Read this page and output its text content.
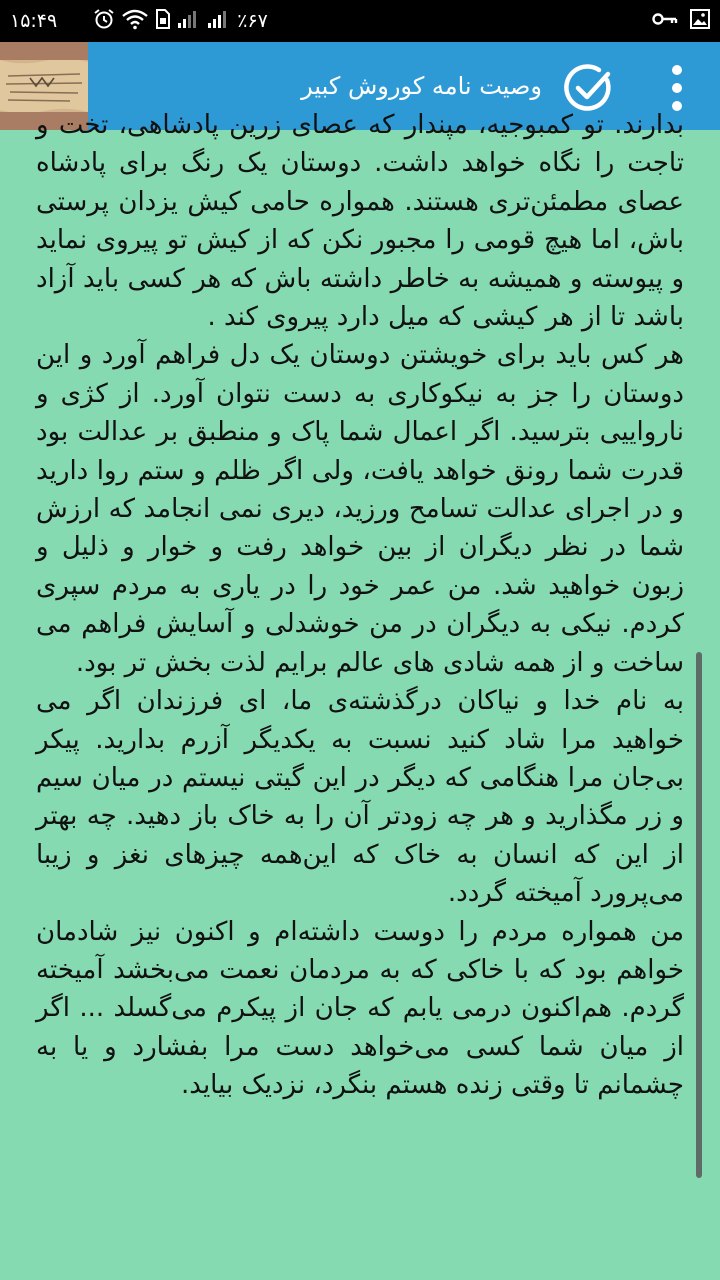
۱۵:۴۹	٪۶۷
وصیت نامه کوروش کبیر

بدارند. تو کمبوجیه، مپندار که عصای زرین پادشاهی، تخت و تاجت را نگاه خواهد داشت. دوستان یک رنگ برای پادشاه عصای مطمئن‌تری هستند. همواره حامی کیش یزدان پرستی باش، اما هیچ قومی را مجبور نکن که از کیش تو پیروی نماید و پیوسته و همیشه به خاطر داشته باش که هر کسی باید آزاد باشد تا از هر کیشی که میل دارد پیروی کند .

هر کس باید برای خویشتن دوستان یک دل فراهم آورد و این دوستان را جز به نیکوکاری به دست نتوان آورد. از کژی و نارواییی بترسید. اگر اعمال شما پاک و منطبق بر عدالت بود قدرت شما رونق خواهد یافت، ولی اگر ظلم و ستم روا دارید و در اجرای عدالت تسامح ورزید، دیری نمی انجامد که ارزش شما در نظر دیگران از بین خواهد رفت و خوار و ذلیل و زبون خواهید شد. من عمر خود را در یاری به مردم سپری کردم. نیکی به دیگران در من خوشدلی و آسایش فراهم می ساخت و از همه شادی های عالم برایم لذت بخش تر بود.

به نام خدا و نیاکان درگذشته‌ی ما، ای فرزندان اگر می خواهید مرا شاد کنید نسبت به یکدیگر آزرم بدارید. پیکر بی‌جان مرا هنگامی که دیگر در این گیتی نیستم در میان سیم و زر مگذارید و هر چه زودتر آن را به خاک باز دهید. چه بهتر از این که انسان به خاک که این‌همه چیزهای نغز و زیبا می‌پرورد آمیخته گردد.

من همواره مردم را دوست داشته‌ام و اکنون نیز شادمان خواهم بود که با خاکی که به مردمان نعمت می‌بخشد آمیخته گردم. هم‌اکنون درمی یابم که جان از پیکرم می‌گسلد ... اگر از میان شما کسی می‌خواهد دست مرا بفشارد و یا به چشمانم تا وقتی زنده هستم بنگرد، نزدیک بیاید.
